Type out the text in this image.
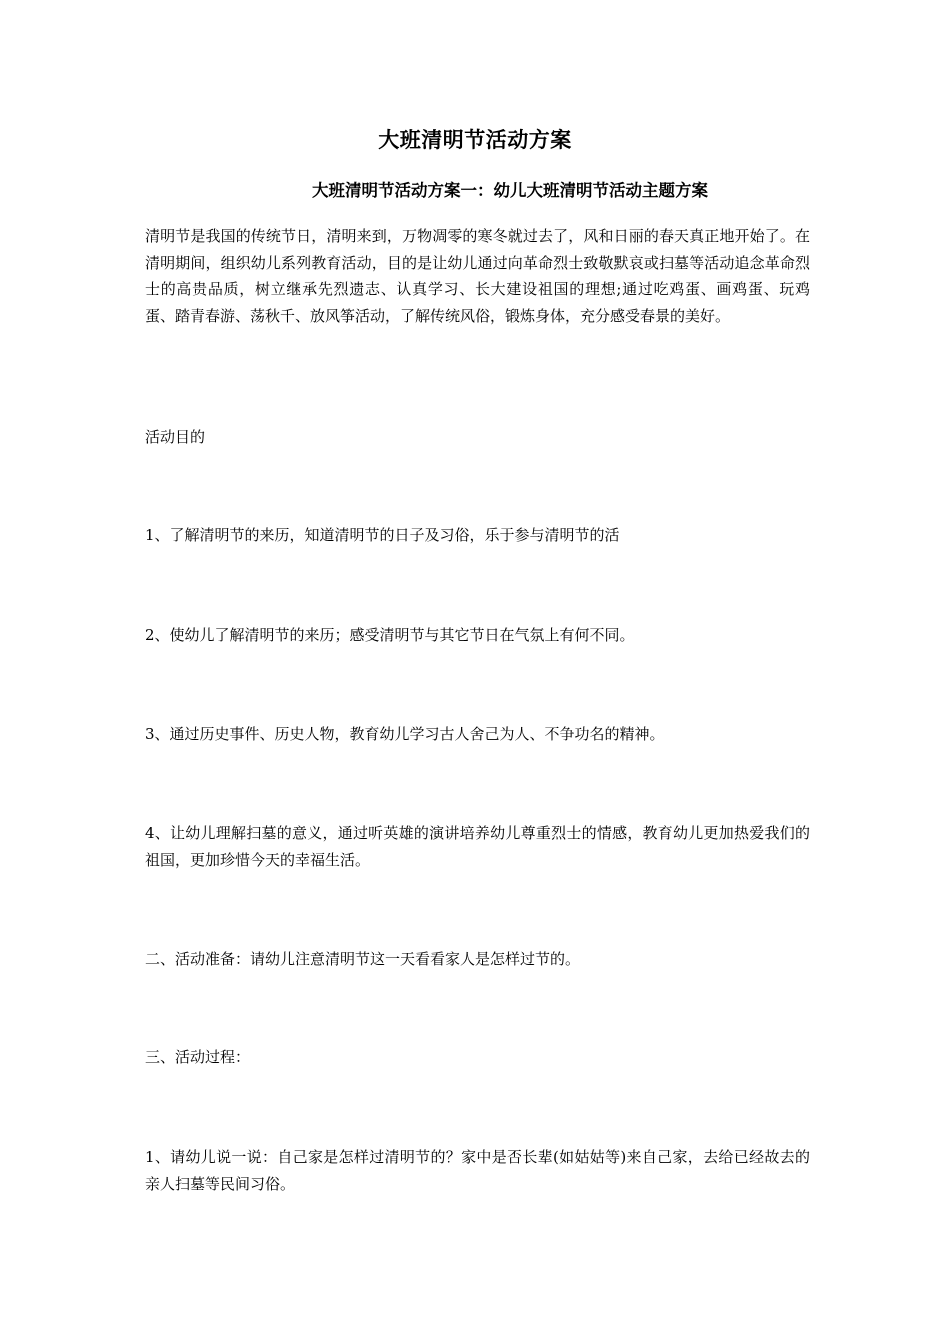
大班清明节活动方案
大班清明节活动方案一：幼儿大班清明节活动主题方案
清明节是我国的传统节日，清明来到，万物凋零的寒冬就过去了，风和日丽的春天真正地开始了。在清明期间，组织幼儿系列教育活动，目的是让幼儿通过向革命烈士致敬默哀或扫墓等活动追念革命烈士的高贵品质，树立继承先烈遗志、认真学习、长大建设祖国的理想;通过吃鸡蛋、画鸡蛋、玩鸡蛋、踏青春游、荡秋千、放风筝活动，了解传统风俗，锻炼身体，充分感受春景的美好。
活动目的
1、了解清明节的来历，知道清明节的日子及习俗，乐于参与清明节的活
2、使幼儿了解清明节的来历；感受清明节与其它节日在气氛上有何不同。
3、通过历史事件、历史人物，教育幼儿学习古人舍己为人、不争功名的精神。
4、让幼儿理解扫墓的意义，通过听英雄的演讲培养幼儿尊重烈士的情感，教育幼儿更加热爱我们的祖国，更加珍惜今天的幸福生活。
二、活动准备：请幼儿注意清明节这一天看看家人是怎样过节的。
三、活动过程：
1、请幼儿说一说：自己家是怎样过清明节的？家中是否长辈(如姑姑等)来自己家，去给已经故去的亲人扫墓等民间习俗。
